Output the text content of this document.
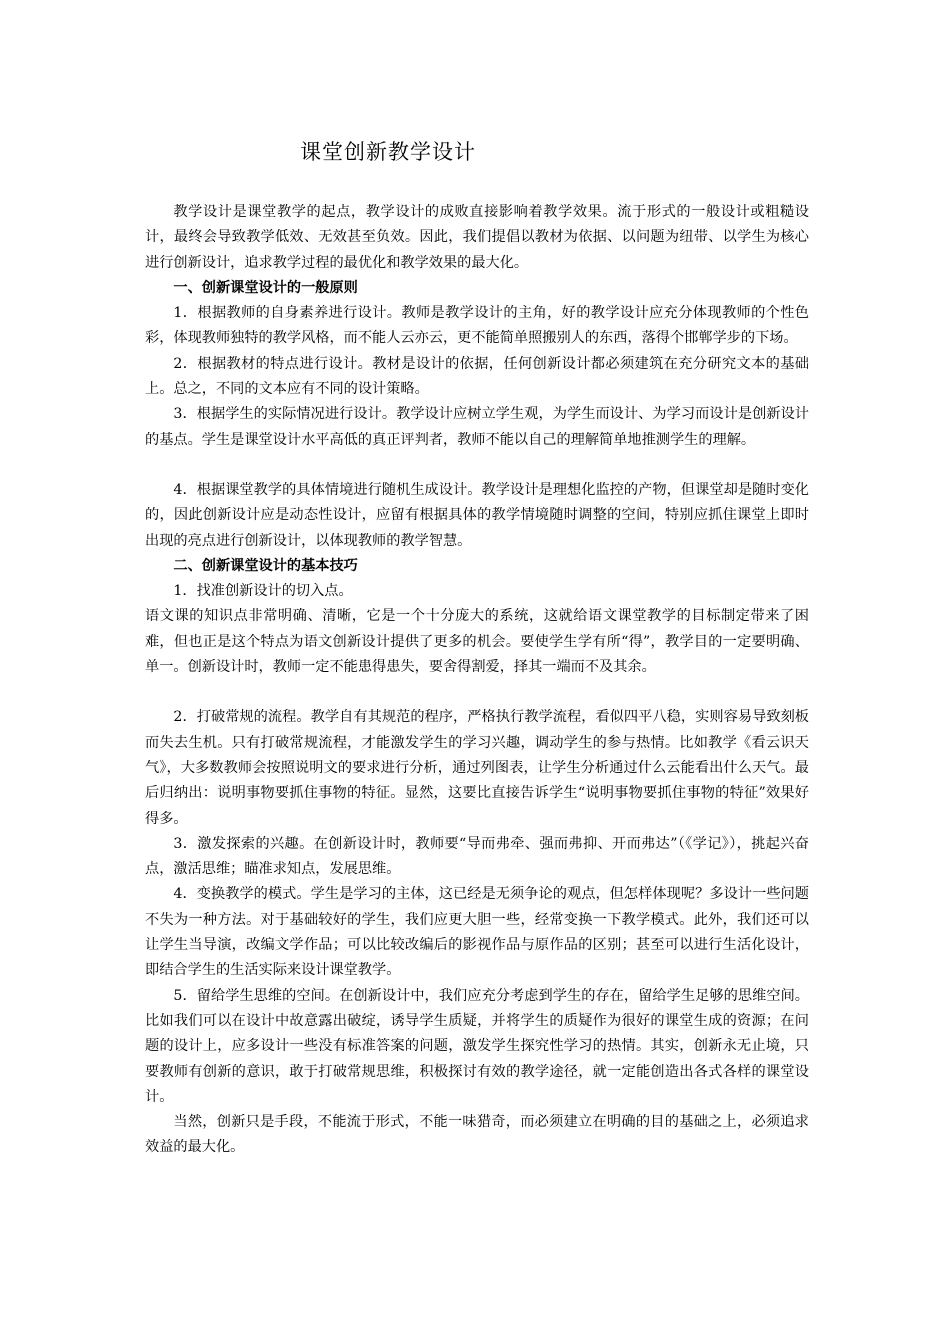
课堂创新教学设计

教学设计是课堂教学的起点，教学设计的成败直接影响着教学效果。流于形式的一般设计或粗糙设计，最终会导致教学低效、无效甚至负效。因此，我们提倡以教材为依据、以问题为纽带、以学生为核心进行创新设计，追求教学过程的最优化和教学效果的最大化。

一、创新课堂设计的一般原则

1．根据教师的自身素养进行设计。教师是教学设计的主角，好的教学设计应充分体现教师的个性色彩，体现教师独特的教学风格，而不能人云亦云，更不能简单照搬别人的东西，落得个邯郸学步的下场。

2．根据教材的特点进行设计。教材是设计的依据，任何创新设计都必须建筑在充分研究文本的基础上。总之，不同的文本应有不同的设计策略。

3．根据学生的实际情况进行设计。教学设计应树立学生观，为学生而设计、为学习而设计是创新设计的基点。学生是课堂设计水平高低的真正评判者，教师不能以自己的理解简单地推测学生的理解。

4．根据课堂教学的具体情境进行随机生成设计。教学设计是理想化监控的产物，但课堂却是随时变化的，因此创新设计应是动态性设计，应留有根据具体的教学情境随时调整的空间，特别应抓住课堂上即时出现的亮点进行创新设计，以体现教师的教学智慧。

二、创新课堂设计的基本技巧

1．找准创新设计的切入点。

语文课的知识点非常明确、清晰，它是一个十分庞大的系统，这就给语文课堂教学的目标制定带来了困难，但也正是这个特点为语文创新设计提供了更多的机会。要使学生学有所“得”，教学目的一定要明确、单一。创新设计时，教师一定不能患得患失，要舍得割爱，择其一端而不及其余。

2．打破常规的流程。教学自有其规范的程序，严格执行教学流程，看似四平八稳，实则容易导致刻板而失去生机。只有打破常规流程，才能激发学生的学习兴趣，调动学生的参与热情。比如教学《看云识天气》，大多数教师会按照说明文的要求进行分析，通过列图表，让学生分析通过什么云能看出什么天气。最后归纳出：说明事物要抓住事物的特征。显然，这要比直接告诉学生“说明事物要抓住事物的特征”效果好得多。

3．激发探索的兴趣。在创新设计时，教师要“导而弗牵、强而弗抑、开而弗达”（《学记》），挑起兴奋点，激活思维；瞄准求知点，发展思维。

4．变换教学的模式。学生是学习的主体，这已经是无须争论的观点，但怎样体现呢？多设计一些问题不失为一种方法。对于基础较好的学生，我们应更大胆一些，经常变换一下教学模式。此外，我们还可以让学生当导演，改编文学作品；可以比较改编后的影视作品与原作品的区别；甚至可以进行生活化设计，即结合学生的生活实际来设计课堂教学。

5．留给学生思维的空间。在创新设计中，我们应充分考虑到学生的存在，留给学生足够的思维空间。比如我们可以在设计中故意露出破绽，诱导学生质疑，并将学生的质疑作为很好的课堂生成的资源；在问题的设计上，应多设计一些没有标准答案的问题，激发学生探究性学习的热情。其实，创新永无止境，只要教师有创新的意识，敢于打破常规思维，积极探讨有效的教学途径，就一定能创造出各式各样的课堂设计。

当然，创新只是手段，不能流于形式，不能一味猎奇，而必须建立在明确的目的基础之上，必须追求效益的最大化。
